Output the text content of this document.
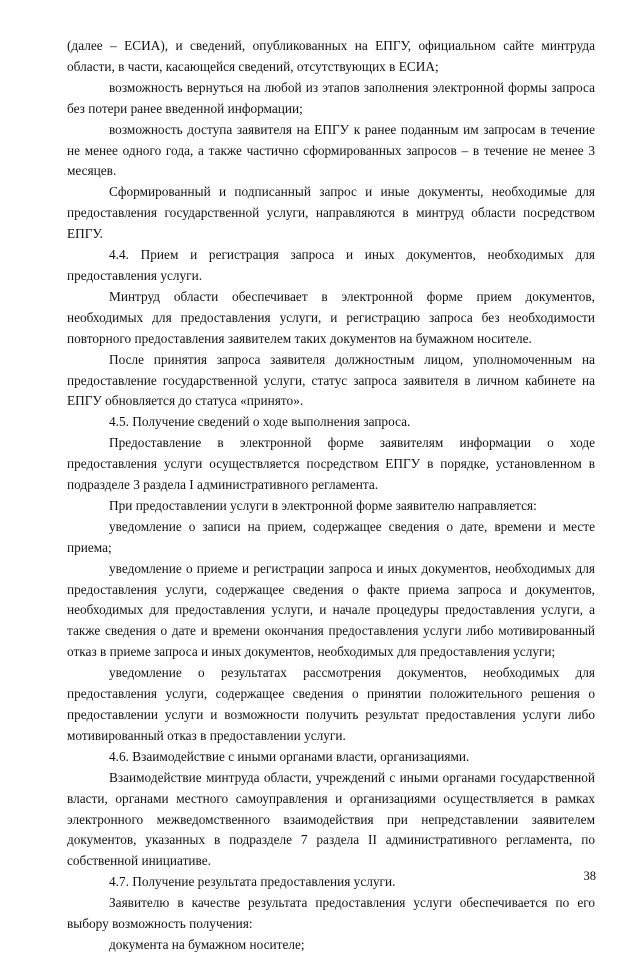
(далее – ЕСИА), и сведений, опубликованных на ЕПГУ, официальном сайте минтруда области, в части, касающейся сведений, отсутствующих в ЕСИА;

возможность вернуться на любой из этапов заполнения электронной формы запроса без потери ранее введенной информации;

возможность доступа заявителя на ЕПГУ к ранее поданным им запросам в течение не менее одного года, а также частично сформированных запросов – в течение не менее 3 месяцев.

Сформированный и подписанный запрос и иные документы, необходимые для предоставления государственной услуги, направляются в минтруд области посредством ЕПГУ.

4.4. Прием и регистрация запроса и иных документов, необходимых для предоставления услуги.

Минтруд области обеспечивает в электронной форме прием документов, необходимых для предоставления услуги, и регистрацию запроса без необходимости повторного предоставления заявителем таких документов на бумажном носителе.

После принятия запроса заявителя должностным лицом, уполномоченным на предоставление государственной услуги, статус запроса заявителя в личном кабинете на ЕПГУ обновляется до статуса «принято».

4.5. Получение сведений о ходе выполнения запроса.

Предоставление в электронной форме заявителям информации о ходе предоставления услуги осуществляется посредством ЕПГУ в порядке, установленном в подразделе 3 раздела I административного регламента.

При предоставлении услуги в электронной форме заявителю направляется:

уведомление о записи на прием, содержащее сведения о дате, времени и месте приема;

уведомление о приеме и регистрации запроса и иных документов, необходимых для предоставления услуги, содержащее сведения о факте приема запроса и документов, необходимых для предоставления услуги, и начале процедуры предоставления услуги, а также сведения о дате и времени окончания предоставления услуги либо мотивированный отказ в приеме запроса и иных документов, необходимых для предоставления услуги;

уведомление о результатах рассмотрения документов, необходимых для предоставления услуги, содержащее сведения о принятии положительного решения о предоставлении услуги и возможности получить результат предоставления услуги либо мотивированный отказ в предоставлении услуги.

4.6. Взаимодействие с иными органами власти, организациями.

Взаимодействие минтруда области, учреждений с иными органами государственной власти, органами местного самоуправления и организациями осуществляется в рамках электронного межведомственного взаимодействия при непредставлении заявителем документов, указанных в подразделе 7 раздела II административного регламента, по собственной инициативе.

4.7. Получение результата предоставления услуги.

Заявителю в качестве результата предоставления услуги обеспечивается по его выбору возможность получения:

документа на бумажном носителе;

38
